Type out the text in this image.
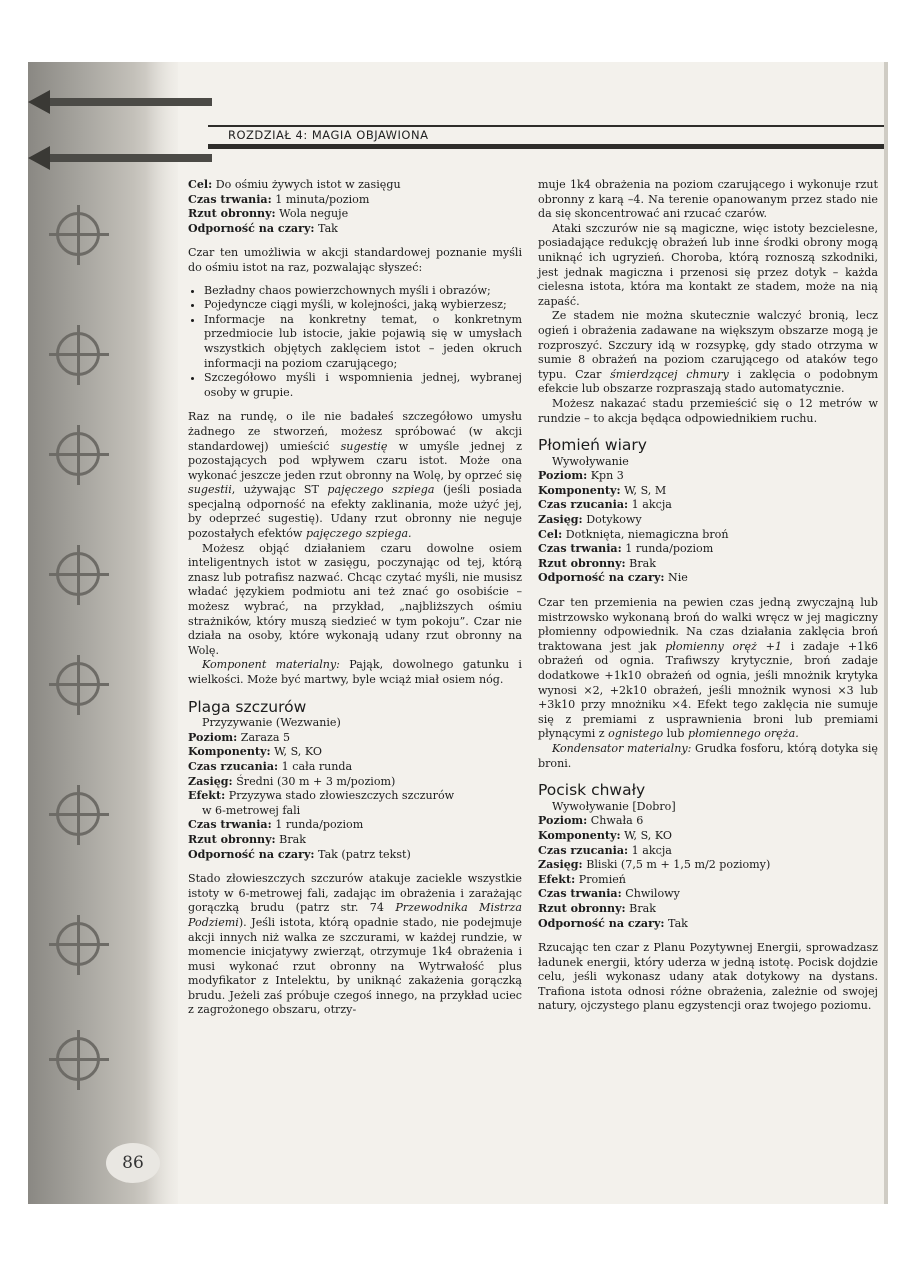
ROZDZIAŁ 4: MAGIA OBJAWIONA
86

Cel: Do ośmiu żywych istot w zasięgu

Czas trwania: 1 minuta/poziom

Rzut obronny: Wola neguje

Odporność na czary: Tak

Czar ten umożliwia w akcji standardowej poznanie myśli do ośmiu istot na raz, pozwalając słyszeć:

• Bezładny chaos powierzchownych myśli i obrazów;
• Pojedyncze ciągi myśli, w kolejności, jaką wybierzesz;
• Informacje na konkretny temat, o konkretnym przedmiocie lub istocie, jakie pojawią się w umysłach wszystkich objętych zaklęciem istot – jeden okruch informacji na poziom czarującego;
• Szczegółowo myśli i wspomnienia jednej, wybranej osoby w grupie.

Raz na rundę, o ile nie badałeś szczegółowo umysłu żadnego ze stworzeń, możesz spróbować (w akcji standardowej) umieścić sugestię w umyśle jednej z pozostających pod wpływem czaru istot. Może ona wykonać jeszcze jeden rzut obronny na Wolę, by oprzeć się sugestii, używając ST pajęczego szpiega (jeśli posiada specjalną odporność na efekty zaklinania, może użyć jej, by odeprzeć sugestię). Udany rzut obronny nie neguje pozostałych efektów pajęczego szpiega.

Możesz objąć działaniem czaru dowolne osiem inteligentnych istot w zasięgu, poczynając od tej, którą znasz lub potrafisz nazwać. Chcąc czytać myśli, nie musisz władać językiem podmiotu ani też znać go osobiście – możesz wybrać, na przykład, „najbliższych ośmiu strażników, który muszą siedzieć w tym pokoju”. Czar nie działa na osoby, które wykonają udany rzut obronny na Wolę.

Komponent materialny: Pająk, dowolnego gatunku i wielkości. Może być martwy, byle wciąż miał osiem nóg.

Plaga szczurów

Przyzywanie (Wezwanie)

Poziom: Zaraza 5

Komponenty: W, S, KO

Czas rzucania: 1 cała runda

Zasięg: Średni (30 m + 3 m/poziom)

Efekt: Przyzywa stado złowieszczych szczurów

w 6-metrowej fali

Czas trwania: 1 runda/poziom

Rzut obronny: Brak

Odporność na czary: Tak (patrz tekst)

Stado złowieszczych szczurów atakuje zaciekle wszystkie istoty w 6-metrowej fali, zadając im obrażenia i zarażając gorączką brudu (patrz str. 74 Przewodnika Mistrza Podziemi). Jeśli istota, którą opadnie stado, nie podejmuje akcji innych niż walka ze szczurami, w każdej rundzie, w momencie inicjatywy zwierząt, otrzymuje 1k4 obrażenia i musi wykonać rzut obronny na Wytrwałość plus modyfikator z Intelektu, by uniknąć zakażenia gorączką brudu. Jeżeli zaś próbuje czegoś innego, na przykład uciec z zagrożonego obszaru, otrzy-

muje 1k4 obrażenia na poziom czarującego i wykonuje rzut obronny z karą –4. Na terenie opanowanym przez stado nie da się skoncentrować ani rzucać czarów.

Ataki szczurów nie są magiczne, więc istoty bezcielesne, posiadające redukcję obrażeń lub inne środki obrony mogą uniknąć ich ugryzień. Choroba, którą roznoszą szkodniki, jest jednak magiczna i przenosi się przez dotyk – każda cielesna istota, która ma kontakt ze stadem, może na nią zapaść.

Ze stadem nie można skutecznie walczyć bronią, lecz ogień i obrażenia zadawane na większym obszarze mogą je rozproszyć. Szczury idą w rozsypkę, gdy stado otrzyma w sumie 8 obrażeń na poziom czarującego od ataków tego typu. Czar śmierdzącej chmury i zaklęcia o podobnym efekcie lub obszarze rozpraszają stado automatycznie.

Możesz nakazać stadu przemieścić się o 12 metrów w rundzie – to akcja będąca odpowiednikiem ruchu.

Płomień wiary

Wywoływanie

Poziom: Kpn 3

Komponenty: W, S, M

Czas rzucania: 1 akcja

Zasięg: Dotykowy

Cel: Dotknięta, niemagiczna broń

Czas trwania: 1 runda/poziom

Rzut obronny: Brak

Odporność na czary: Nie

Czar ten przemienia na pewien czas jedną zwyczajną lub mistrzowsko wykonaną broń do walki wręcz w jej magiczny płomienny odpowiednik. Na czas działania zaklęcia broń traktowana jest jak płomienny oręż +1 i zadaje +1k6 obrażeń od ognia. Trafiwszy krytycznie, broń zadaje dodatkowe +1k10 obrażeń od ognia, jeśli mnożnik krytyka wynosi ×2, +2k10 obrażeń, jeśli mnożnik wynosi ×3 lub +3k10 przy mnożniku ×4. Efekt tego zaklęcia nie sumuje się z premiami z usprawnienia broni lub premiami płynącymi z ognistego lub płomiennego oręża.

Kondensator materialny: Grudka fosforu, którą dotyka się broni.

Pocisk chwały

Wywoływanie [Dobro]

Poziom: Chwała 6

Komponenty: W, S, KO

Czas rzucania: 1 akcja

Zasięg: Bliski (7,5 m + 1,5 m/2 poziomy)

Efekt: Promień

Czas trwania: Chwilowy

Rzut obronny: Brak

Odporność na czary: Tak

Rzucając ten czar z Planu Pozytywnej Energii, sprowadzasz ładunek energii, który uderza w jedną istotę. Pocisk dojdzie celu, jeśli wykonasz udany atak dotykowy na dystans. Trafiona istota odnosi różne obrażenia, zależnie od swojej natury, ojczystego planu egzystencji oraz twojego poziomu.
